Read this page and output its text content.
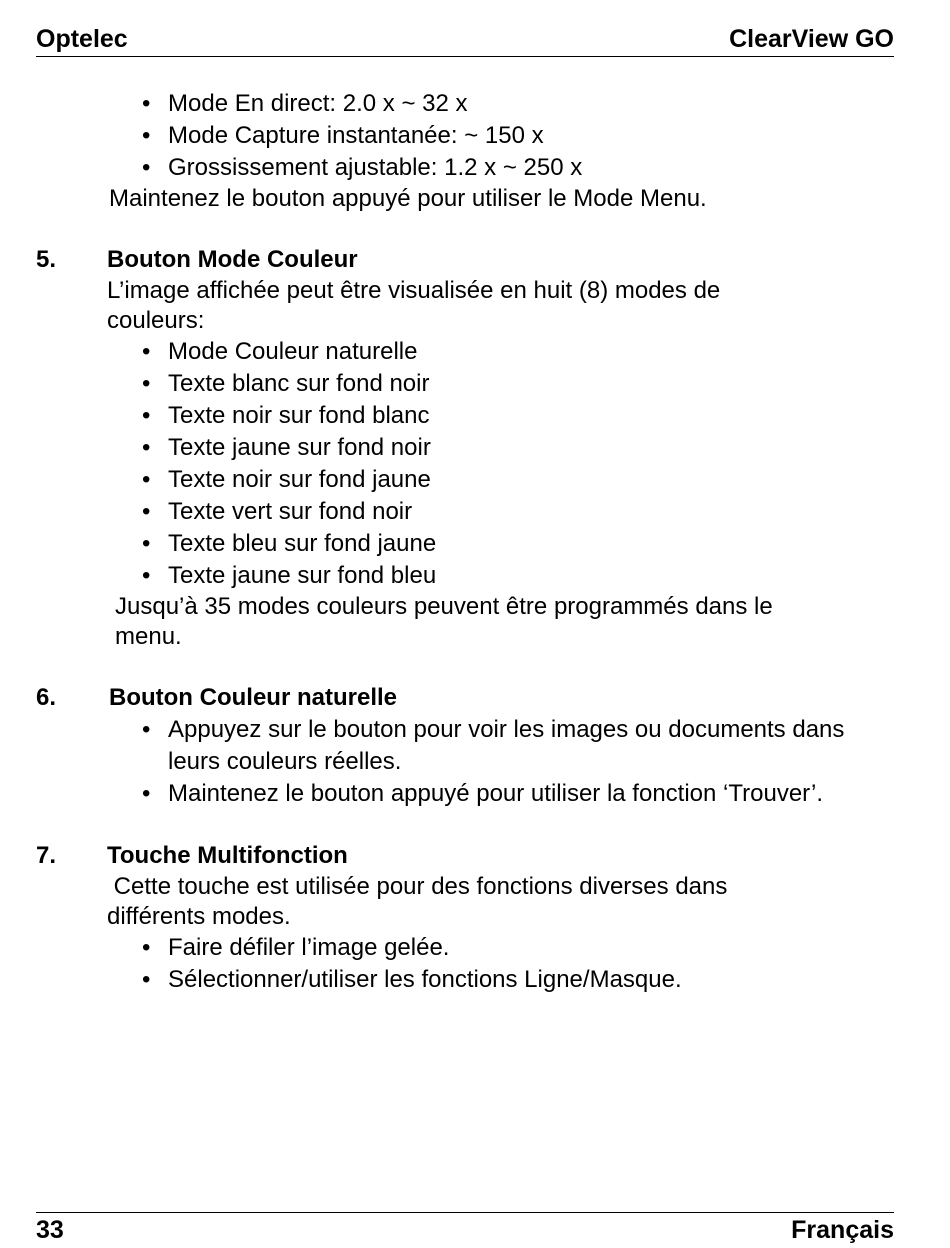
Optelec	ClearView GO
• Mode En direct: 2.0 x ~ 32 x
• Mode Capture instantanée: ~ 150 x
• Grossissement ajustable: 1.2 x ~ 250 x
Maintenez le bouton appuyé pour utiliser le Mode Menu.
5.	Bouton Mode Couleur
L’image affichée peut être visualisée en huit (8) modes de couleurs:
• Mode Couleur naturelle
• Texte blanc sur fond noir
• Texte noir sur fond blanc
• Texte jaune sur fond noir
• Texte noir sur fond jaune
• Texte vert sur fond noir
• Texte bleu sur fond jaune
• Texte jaune sur fond bleu
Jusqu’à 35 modes couleurs peuvent être programmés dans le menu.
6.	Bouton Couleur naturelle
• Appuyez sur le bouton pour voir les images ou documents dans leurs couleurs réelles.
• Maintenez le bouton appuyé pour utiliser la fonction ‘Trouver’.
7.	Touche Multifonction
Cette touche est utilisée pour des fonctions diverses dans différents modes.
• Faire défiler l’image gelée.
• Sélectionner/utiliser les fonctions Ligne/Masque.
33	Français
